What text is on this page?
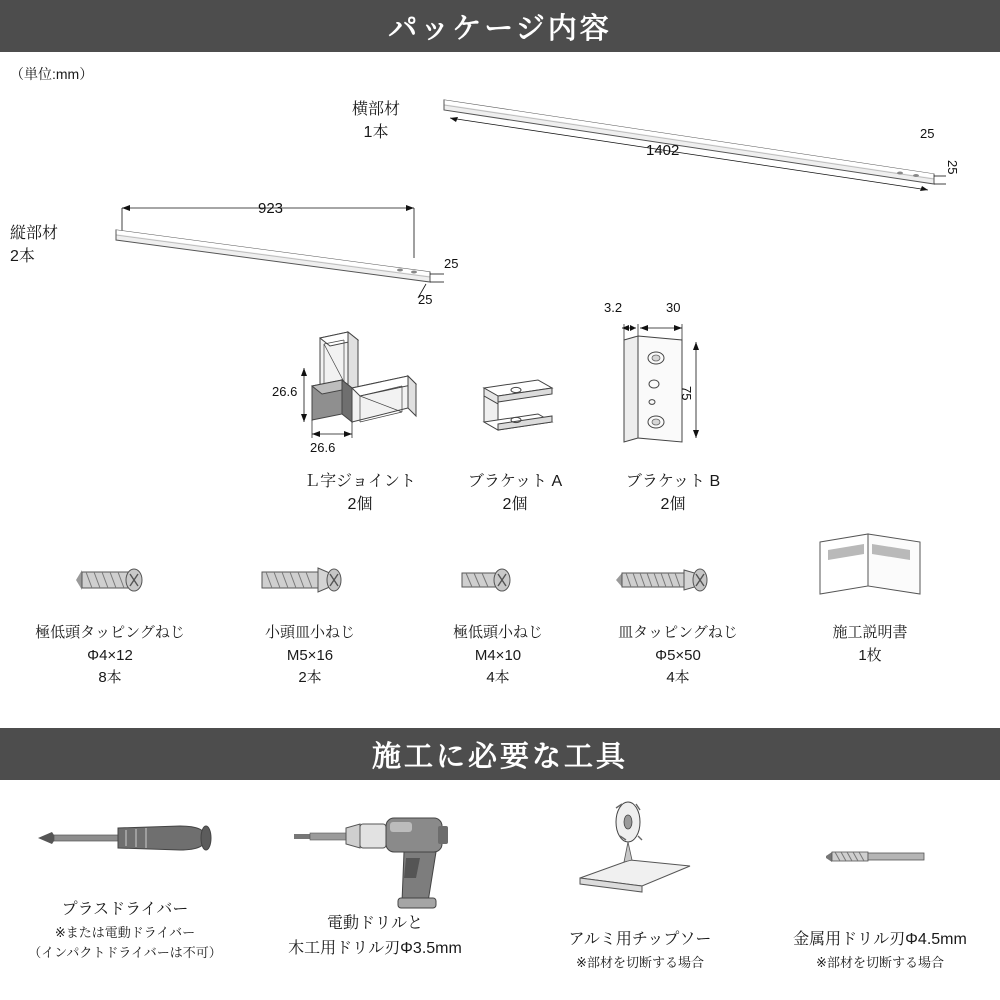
パッケージ内容
（単位:mm）
25
25
1402
横部材
1本
923
25
25
縦部材
2本
26.6
26.6
Ｌ字ジョイント
2個
ブラケット A
2個
3.2	30
75
ブラケット B
2個
極低頭タッピングねじ
Φ4×12
8本
小頭皿小ねじ
M5×16
2本
極低頭小ねじ
M4×10
4本
皿タッピングねじ
Φ5×50
4本
施工説明書
1枚
施工に必要な工具
プラスドライバー
※または電動ドライバー
（インパクトドライバーは不可）
電動ドリルと
木工用ドリル刃Φ3.5mm
アルミ用チップソー
※部材を切断する場合
金属用ドリル刃Φ4.5mm
※部材を切断する場合
